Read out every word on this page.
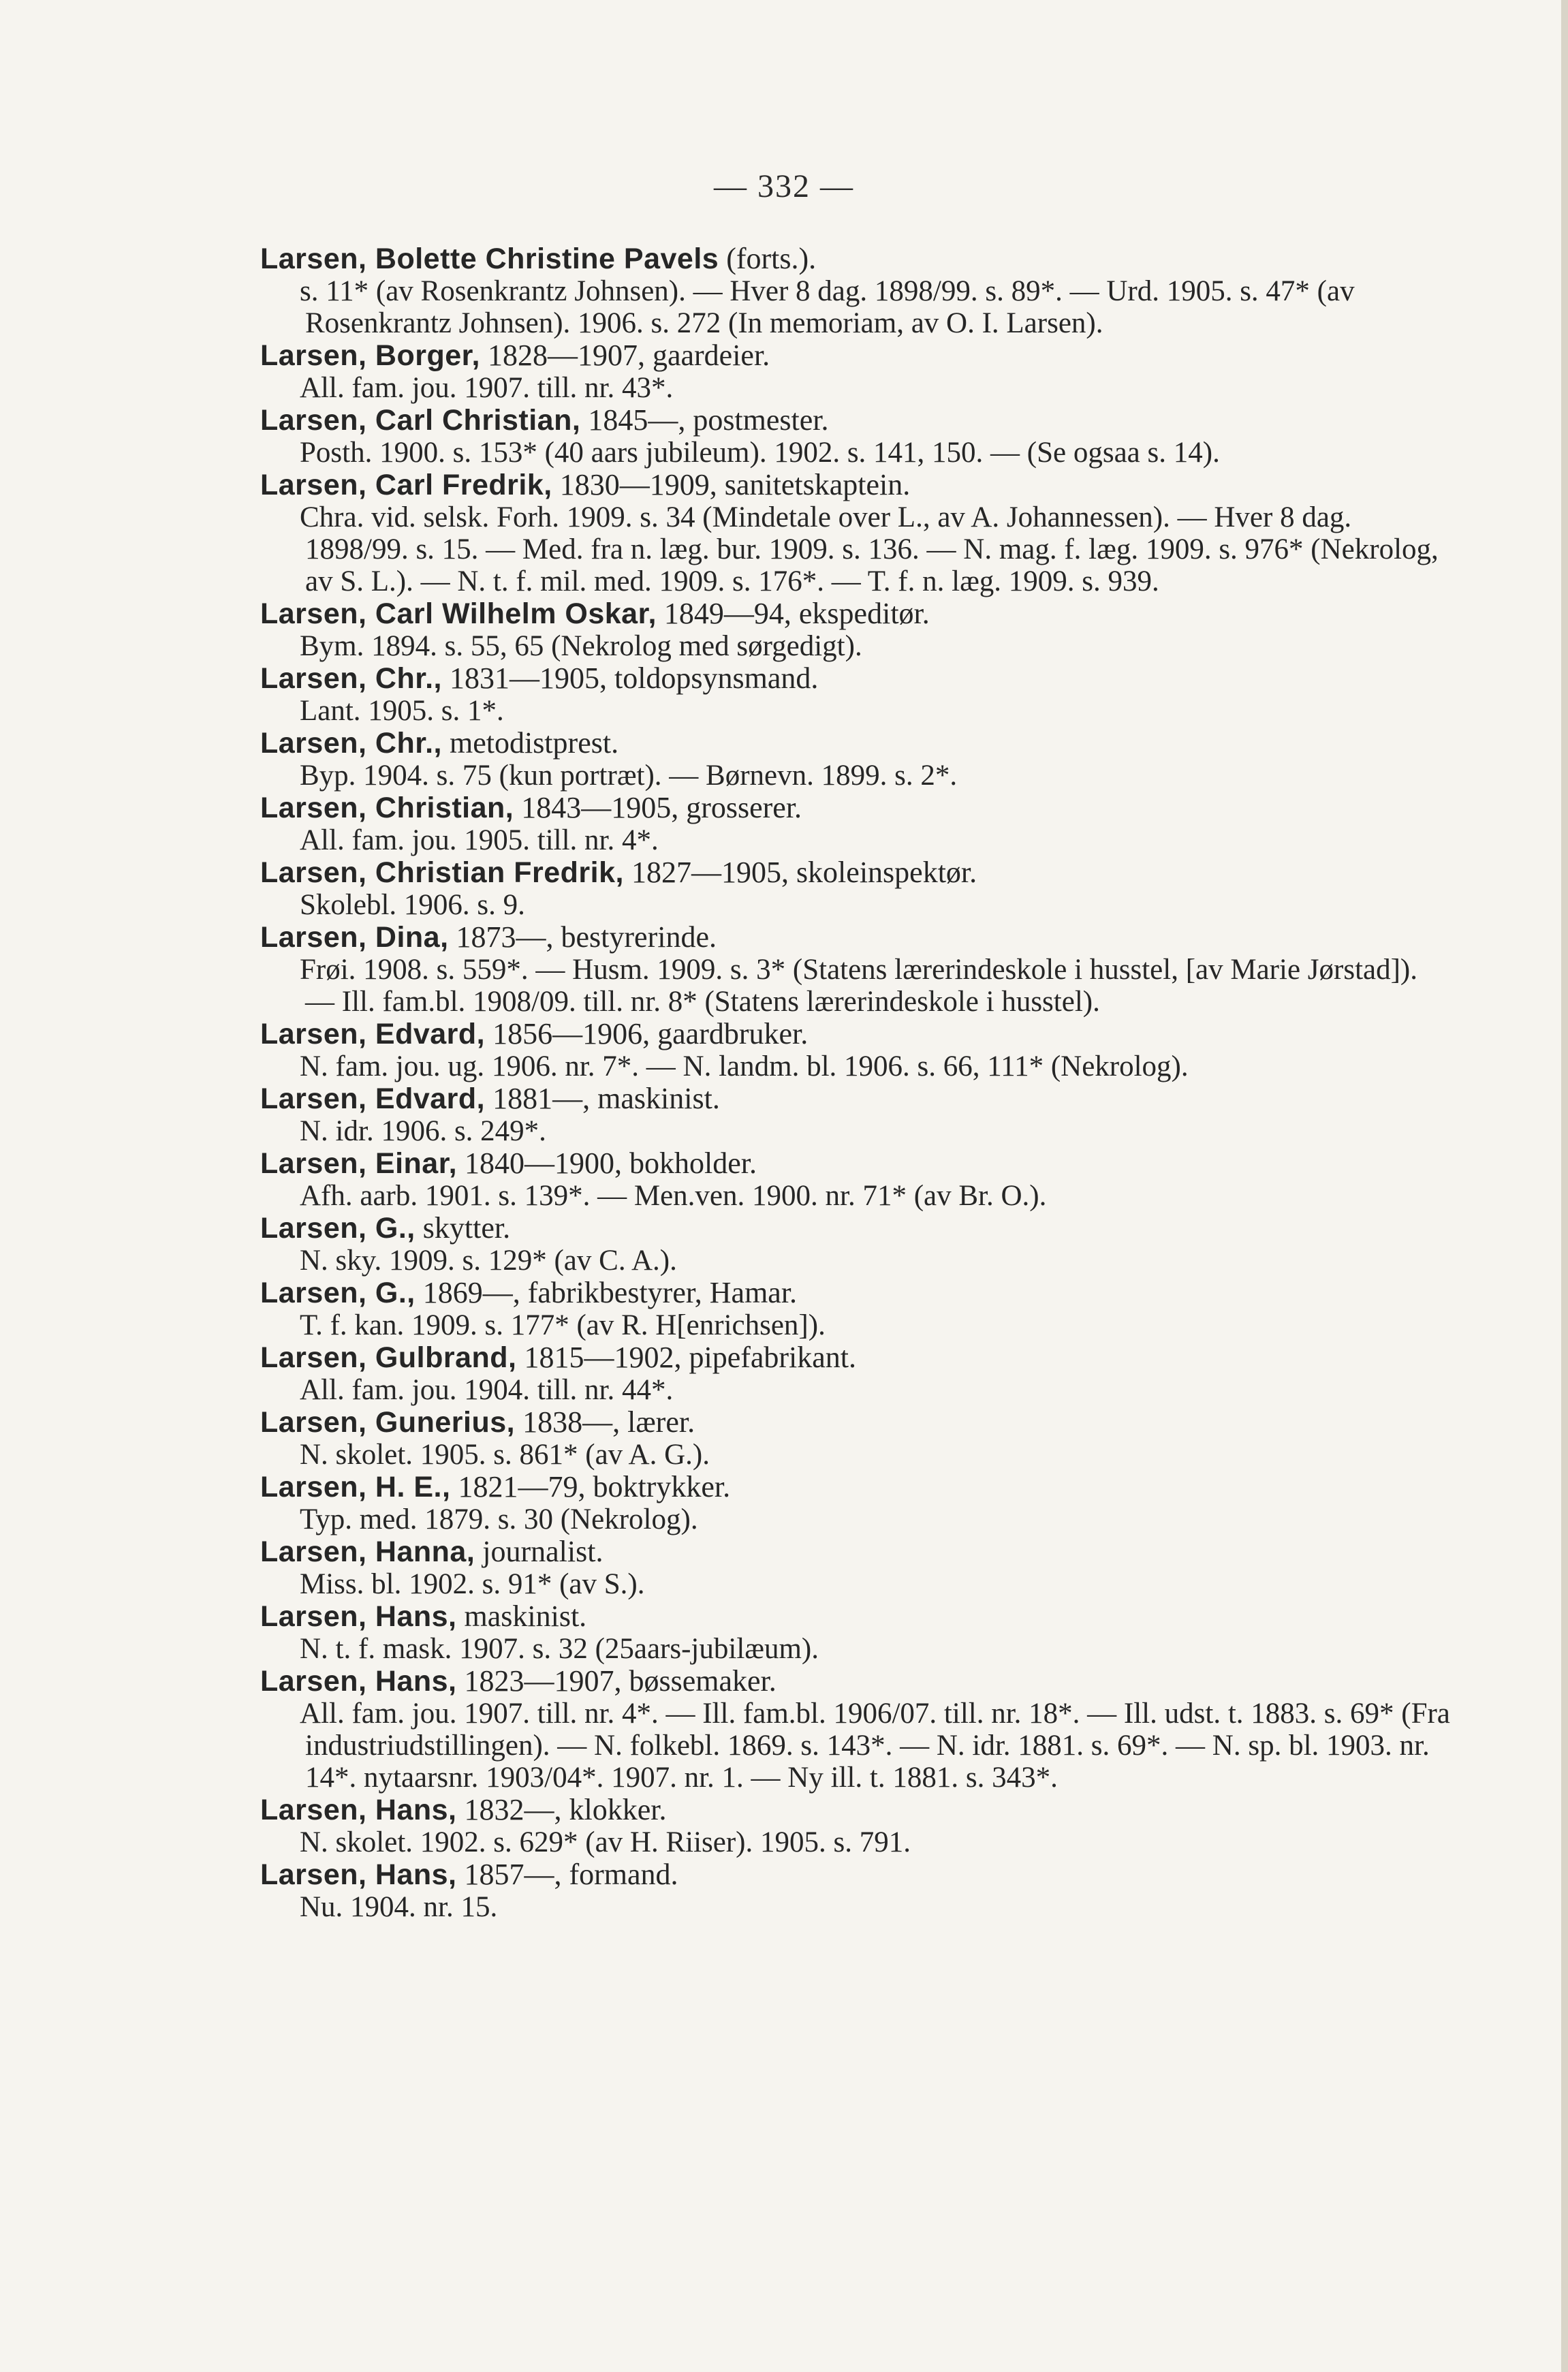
— 332 —
Larsen, Bolette Christine Pavels (forts.).
s. 11* (av Rosenkrantz Johnsen). — Hver 8 dag. 1898/99. s. 89*. — Urd. 1905. s. 47* (av Rosenkrantz Johnsen). 1906. s. 272 (In memoriam, av O. I. Larsen).
Larsen, Borger, 1828—1907, gaardeier.
All. fam. jou. 1907. till. nr. 43*.
Larsen, Carl Christian, 1845—, postmester.
Posth. 1900. s. 153* (40 aars jubileum). 1902. s. 141, 150. — (Se ogsaa s. 14).
Larsen, Carl Fredrik, 1830—1909, sanitetskaptein.
Chra. vid. selsk. Forh. 1909. s. 34 (Mindetale over L., av A. Johannessen). — Hver 8 dag. 1898/99. s. 15. — Med. fra n. læg. bur. 1909. s. 136. — N. mag. f. læg. 1909. s. 976* (Nekrolog, av S. L.). — N. t. f. mil. med. 1909. s. 176*. — T. f. n. læg. 1909. s. 939.
Larsen, Carl Wilhelm Oskar, 1849—94, ekspeditør.
Bym. 1894. s. 55, 65 (Nekrolog med sørgedigt).
Larsen, Chr., 1831—1905, toldopsynsmand.
Lant. 1905. s. 1*.
Larsen, Chr., metodistprest.
Byp. 1904. s. 75 (kun portræt). — Børnevn. 1899. s. 2*.
Larsen, Christian, 1843—1905, grosserer.
All. fam. jou. 1905. till. nr. 4*.
Larsen, Christian Fredrik, 1827—1905, skoleinspektør.
Skolebl. 1906. s. 9.
Larsen, Dina, 1873—, bestyrerinde.
Frøi. 1908. s. 559*. — Husm. 1909. s. 3* (Statens lærerindeskole i husstel, [av Marie Jørstad]). — Ill. fam.bl. 1908/09. till. nr. 8* (Statens lærerindeskole i husstel).
Larsen, Edvard, 1856—1906, gaardbruker.
N. fam. jou. ug. 1906. nr. 7*. — N. landm. bl. 1906. s. 66, 111* (Nekrolog).
Larsen, Edvard, 1881—, maskinist.
N. idr. 1906. s. 249*.
Larsen, Einar, 1840—1900, bokholder.
Afh. aarb. 1901. s. 139*. — Men.ven. 1900. nr. 71* (av Br. O.).
Larsen, G., skytter.
N. sky. 1909. s. 129* (av C. A.).
Larsen, G., 1869—, fabrikbestyrer, Hamar.
T. f. kan. 1909. s. 177* (av R. H[enrichsen]).
Larsen, Gulbrand, 1815—1902, pipefabrikant.
All. fam. jou. 1904. till. nr. 44*.
Larsen, Gunerius, 1838—, lærer.
N. skolet. 1905. s. 861* (av A. G.).
Larsen, H. E., 1821—79, boktrykker.
Typ. med. 1879. s. 30 (Nekrolog).
Larsen, Hanna, journalist.
Miss. bl. 1902. s. 91* (av S.).
Larsen, Hans, maskinist.
N. t. f. mask. 1907. s. 32 (25aars-jubilæum).
Larsen, Hans, 1823—1907, bøssemaker.
All. fam. jou. 1907. till. nr. 4*. — Ill. fam.bl. 1906/07. till. nr. 18*. — Ill. udst. t. 1883. s. 69* (Fra industriudstillingen). — N. folkebl. 1869. s. 143*. — N. idr. 1881. s. 69*. — N. sp. bl. 1903. nr. 14*. nytaarsnr. 1903/04*. 1907. nr. 1. — Ny ill. t. 1881. s. 343*.
Larsen, Hans, 1832—, klokker.
N. skolet. 1902. s. 629* (av H. Riiser). 1905. s. 791.
Larsen, Hans, 1857—, formand.
Nu. 1904. nr. 15.
